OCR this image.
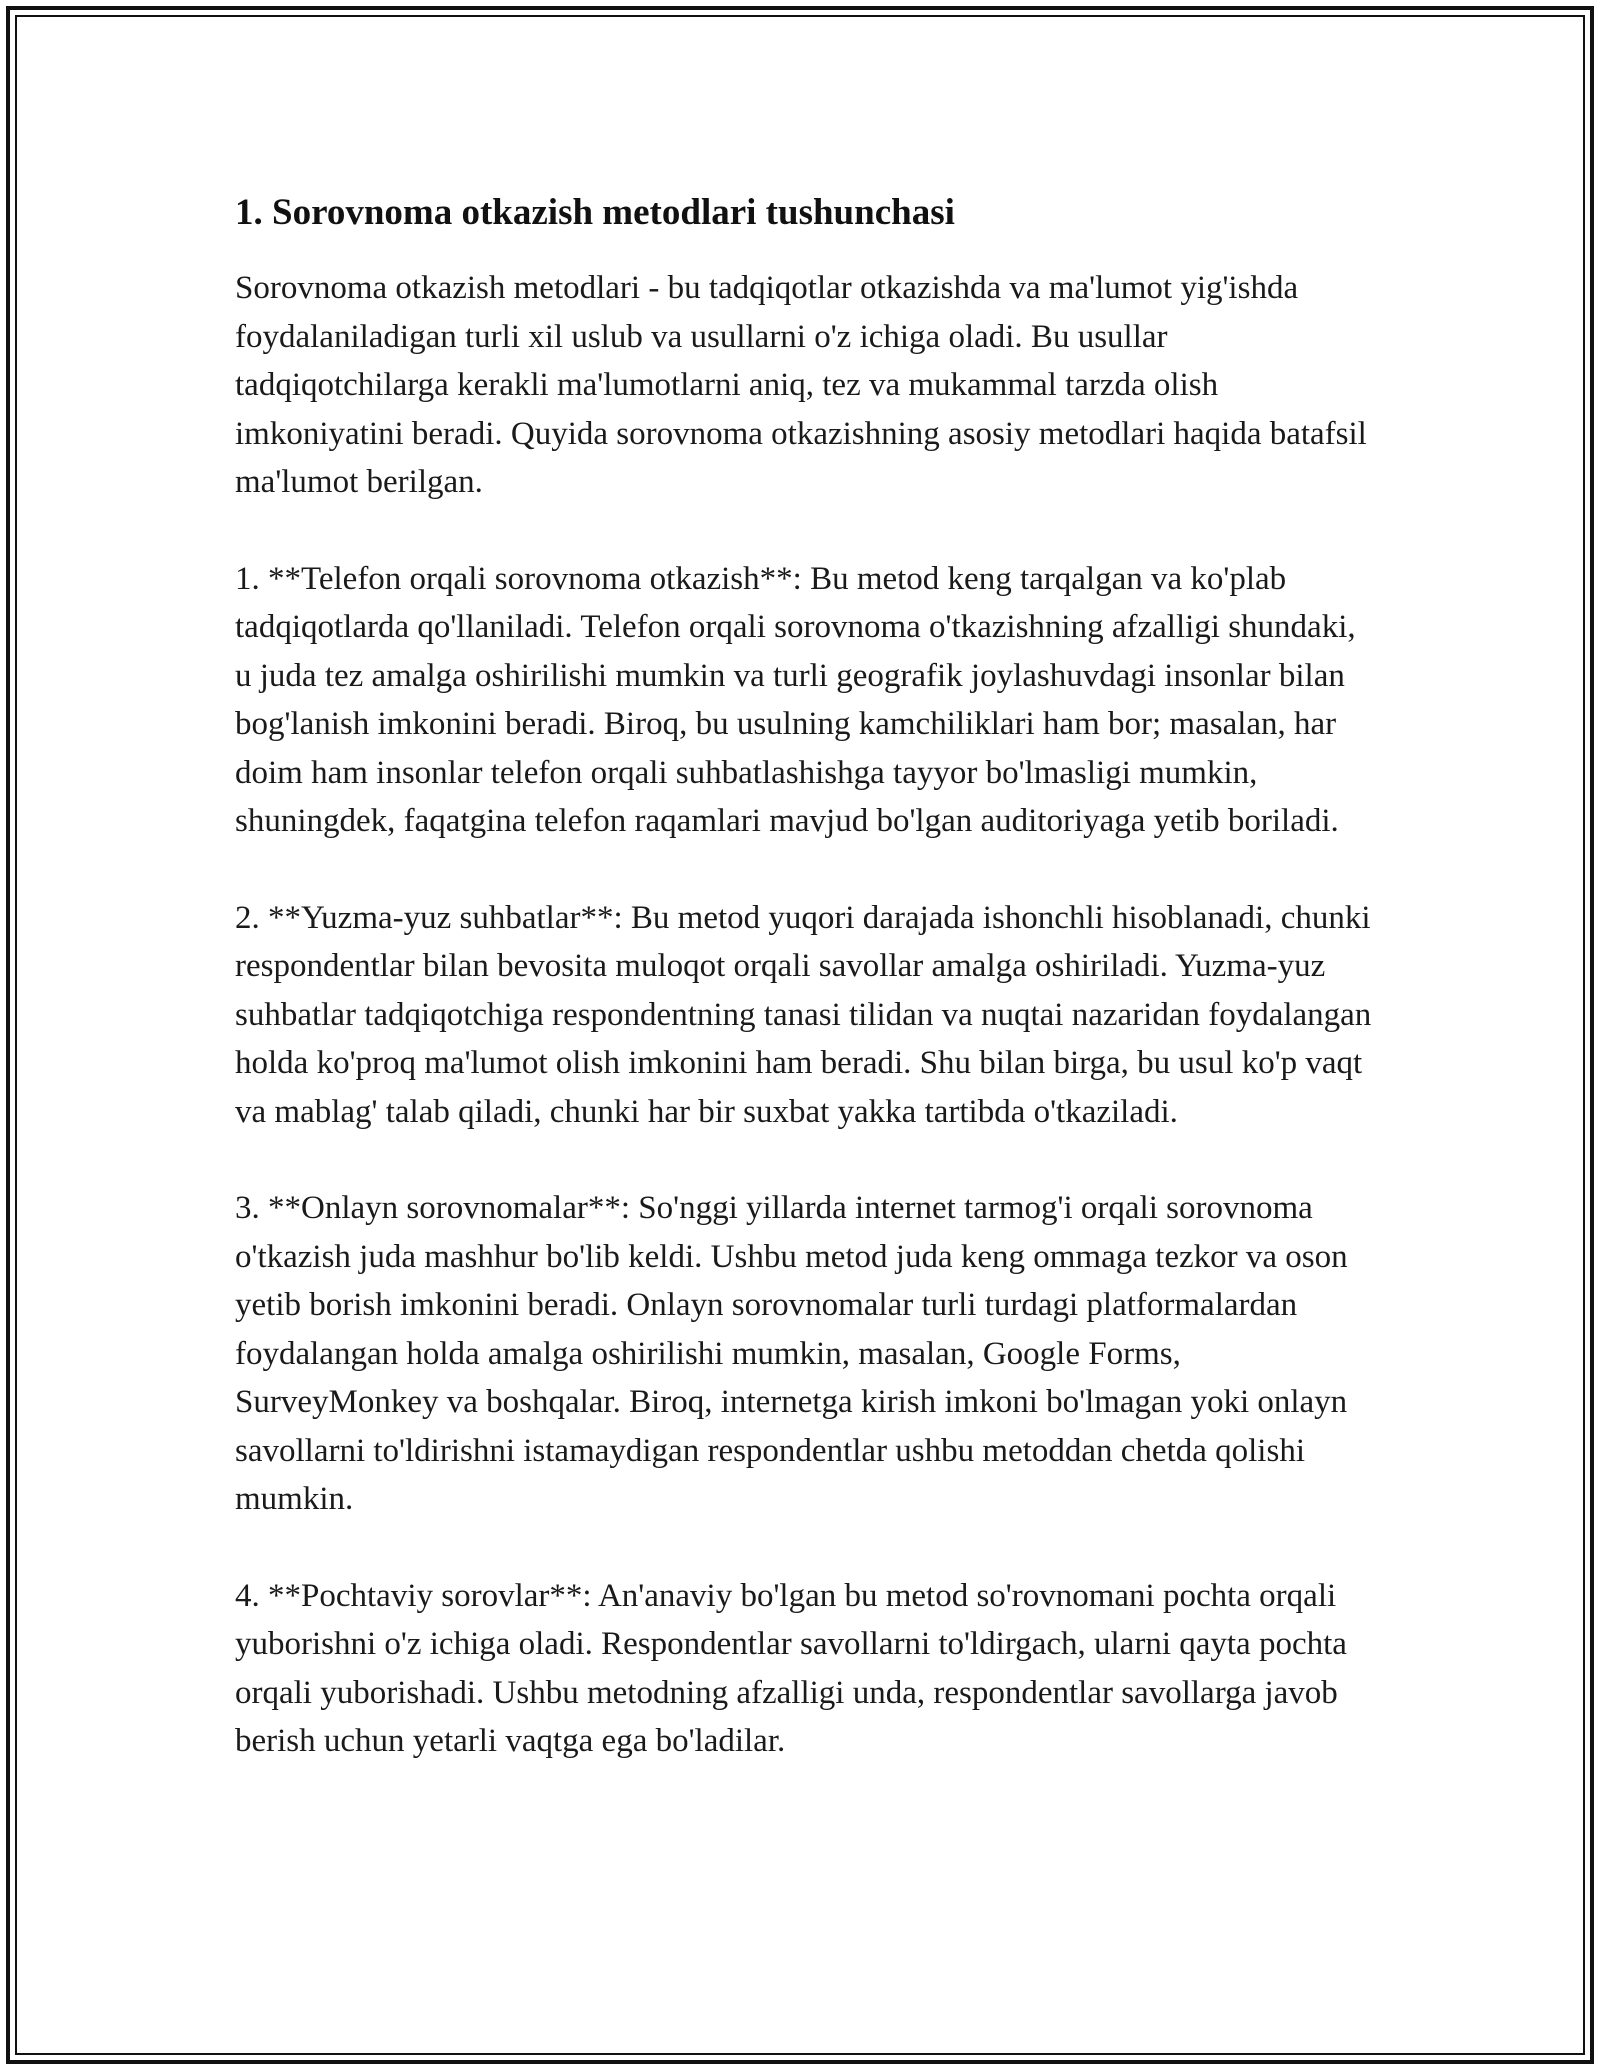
1. Sorovnoma otkazish metodlari tushunchasi

Sorovnoma otkazish metodlari - bu tadqiqotlar otkazishda va ma'lumot yig'ishda foydalaniladigan turli xil uslub va usullarni o'z ichiga oladi. Bu usullar tadqiqotchilarga kerakli ma'lumotlarni aniq, tez va mukammal tarzda olish imkoniyatini beradi. Quyida sorovnoma otkazishning asosiy metodlari haqida batafsil ma'lumot berilgan.

1. **Telefon orqali sorovnoma otkazish**: Bu metod keng tarqalgan va ko'plab tadqiqotlarda qo'llaniladi. Telefon orqali sorovnoma o'tkazishning afzalligi shundaki, u juda tez amalga oshirilishi mumkin va turli geografik joylashuvdagi insonlar bilan bog'lanish imkonini beradi. Biroq, bu usulning kamchiliklari ham bor; masalan, har doim ham insonlar telefon orqali suhbatlashishga tayyor bo'lmasligi mumkin, shuningdek, faqatgina telefon raqamlari mavjud bo'lgan auditoriyaga yetib boriladi.

2. **Yuzma-yuz suhbatlar**: Bu metod yuqori darajada ishonchli hisoblanadi, chunki respondentlar bilan bevosita muloqot orqali savollar amalga oshiriladi. Yuzma-yuz suhbatlar tadqiqotchiga respondentning tanasi tilidan va nuqtai nazaridan foydalangan holda ko'proq ma'lumot olish imkonini ham beradi. Shu bilan birga, bu usul ko'p vaqt va mablag' talab qiladi, chunki har bir suxbat yakka tartibda o'tkaziladi.

3. **Onlayn sorovnomalar**: So'nggi yillarda internet tarmog'i orqali sorovnoma o'tkazish juda mashhur bo'lib keldi. Ushbu metod juda keng ommaga tezkor va oson yetib borish imkonini beradi. Onlayn sorovnomalar turli turdagi platformalardan foydalangan holda amalga oshirilishi mumkin, masalan, Google Forms, SurveyMonkey va boshqalar. Biroq, internetga kirish imkoni bo'lmagan yoki onlayn savollarni to'ldirishni istamaydigan respondentlar ushbu metoddan chetda qolishi mumkin.

4. **Pochtaviy sorovlar**: An'anaviy bo'lgan bu metod so'rovnomani pochta orqali yuborishni o'z ichiga oladi. Respondentlar savollarni to'ldirgach, ularni qayta pochta orqali yuborishadi. Ushbu metodning afzalligi unda, respondentlar savollarga javob berish uchun yetarli vaqtga ega bo'ladilar.
